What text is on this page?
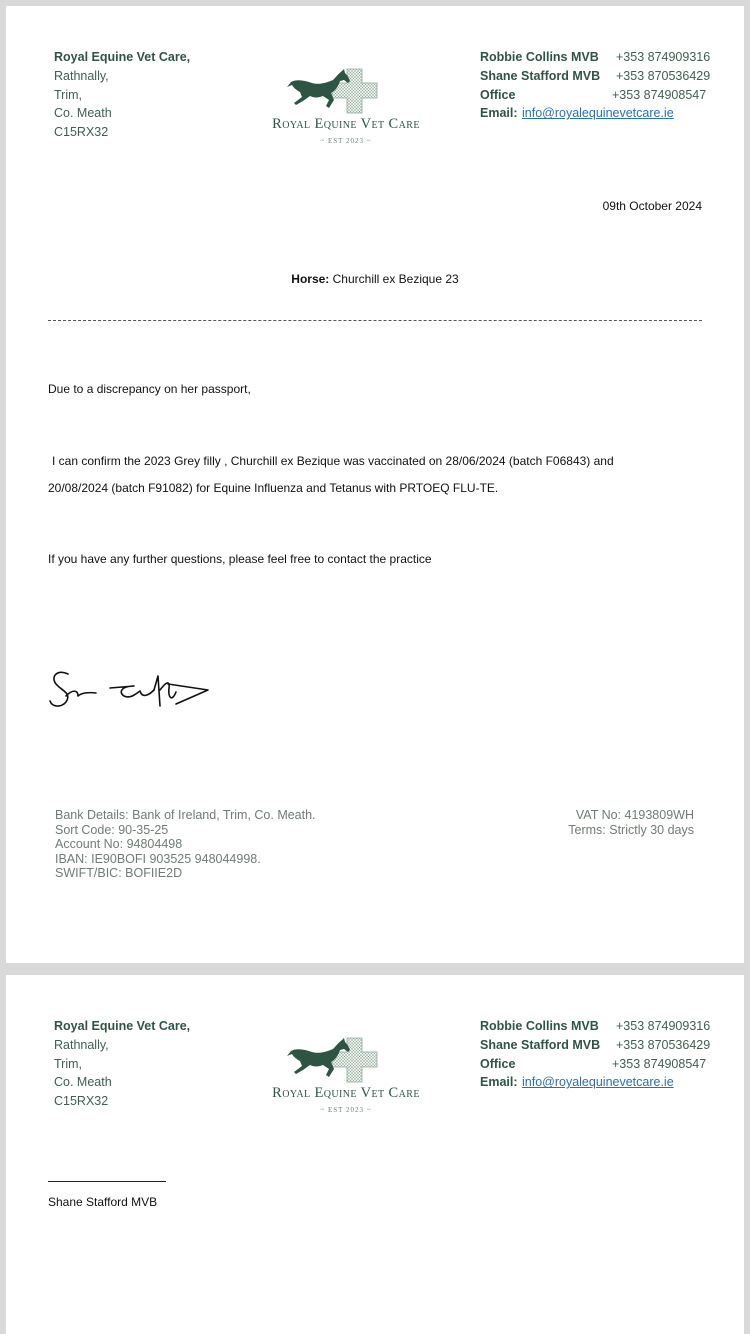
Royal Equine Vet Care,
Rathnally,
Trim,
Co. Meath
C15RX32
Royal Equine Vet Care
~ EST 2023 ~
Robbie Collins MVB +353 874909316
Shane Stafford MVB +353 870536429
Office	+353 874908547
Email: info@royalequinevetcare.ie
09th October 2024
Horse: Churchill ex Bezique 23
Due to a discrepancy on her passport,
I can confirm the 2023 Grey filly , Churchill ex Bezique was vaccinated on 28/06/2024 (batch F06843) and
20/08/2024 (batch F91082) for Equine Influenza and Tetanus with PRTOEQ FLU-TE.
If you have any further questions, please feel free to contact the practice
Bank Details: Bank of Ireland, Trim, Co. Meath.
Sort Code: 90-35-25
Account No: 94804498
IBAN: IE90BOFI 903525 948044998.
SWIFT/BIC: BOFIIE2D
VAT No: 4193809WH
Terms: Strictly 30 days
Royal Equine Vet Care,
Rathnally,
Trim,
Co. Meath
C15RX32
Royal Equine Vet Care
~ EST 2023 ~
Robbie Collins MVB +353 874909316
Shane Stafford MVB +353 870536429
Office	+353 874908547
Email: info@royalequinevetcare.ie
Shane Stafford MVB
